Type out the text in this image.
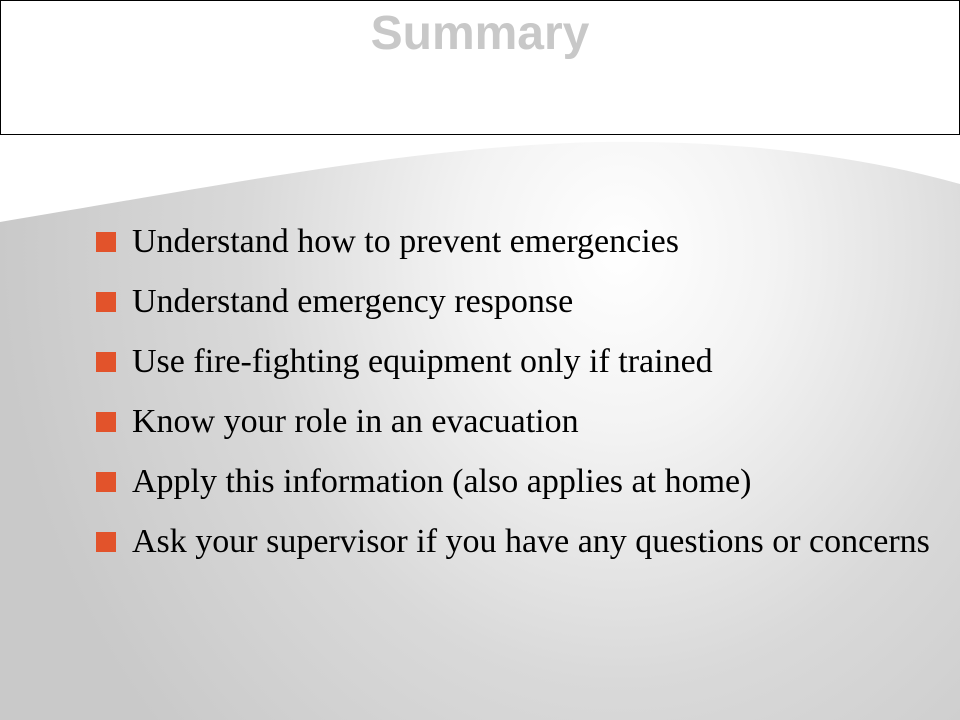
Summary
Understand how to prevent emergencies
Understand emergency response
Use fire-fighting equipment only if trained
Know your role in an evacuation
Apply this information (also applies at home)
Ask your supervisor if you have any questions or concerns
